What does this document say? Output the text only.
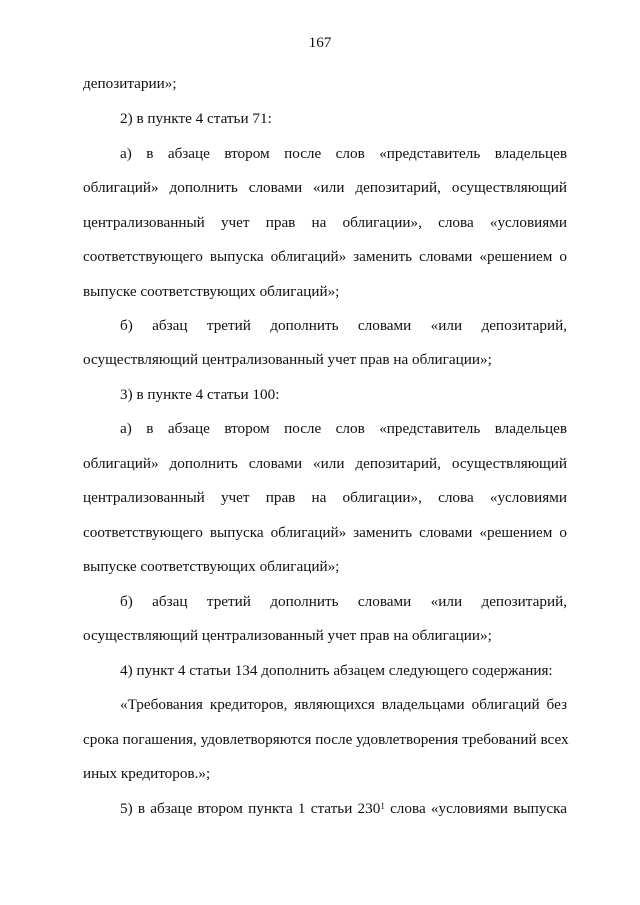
167
депозитарии»;
2) в пункте 4 статьи 71:
а) в абзаце втором после слов «представитель владельцев
облигаций» дополнить словами «или депозитарий, осуществляющий
централизованный учет прав на облигации», слова «условиями
соответствующего выпуска облигаций» заменить словами «решением о
выпуске соответствующих облигаций»;
б) абзац третий дополнить словами «или депозитарий,
осуществляющий централизованный учет прав на облигации»;
3) в пункте 4 статьи 100:
а) в абзаце втором после слов «представитель владельцев
облигаций» дополнить словами «или депозитарий, осуществляющий
централизованный учет прав на облигации», слова «условиями
соответствующего выпуска облигаций» заменить словами «решением о
выпуске соответствующих облигаций»;
б) абзац третий дополнить словами «или депозитарий,
осуществляющий централизованный учет прав на облигации»;
4) пункт 4 статьи 134 дополнить абзацем следующего содержания:
«Требования кредиторов, являющихся владельцами облигаций без
срока погашения, удовлетворяются после удовлетворения требований всех
иных кредиторов.»;
5) в абзаце втором пункта 1 статьи $230^1$ слова «условиями выпуска
